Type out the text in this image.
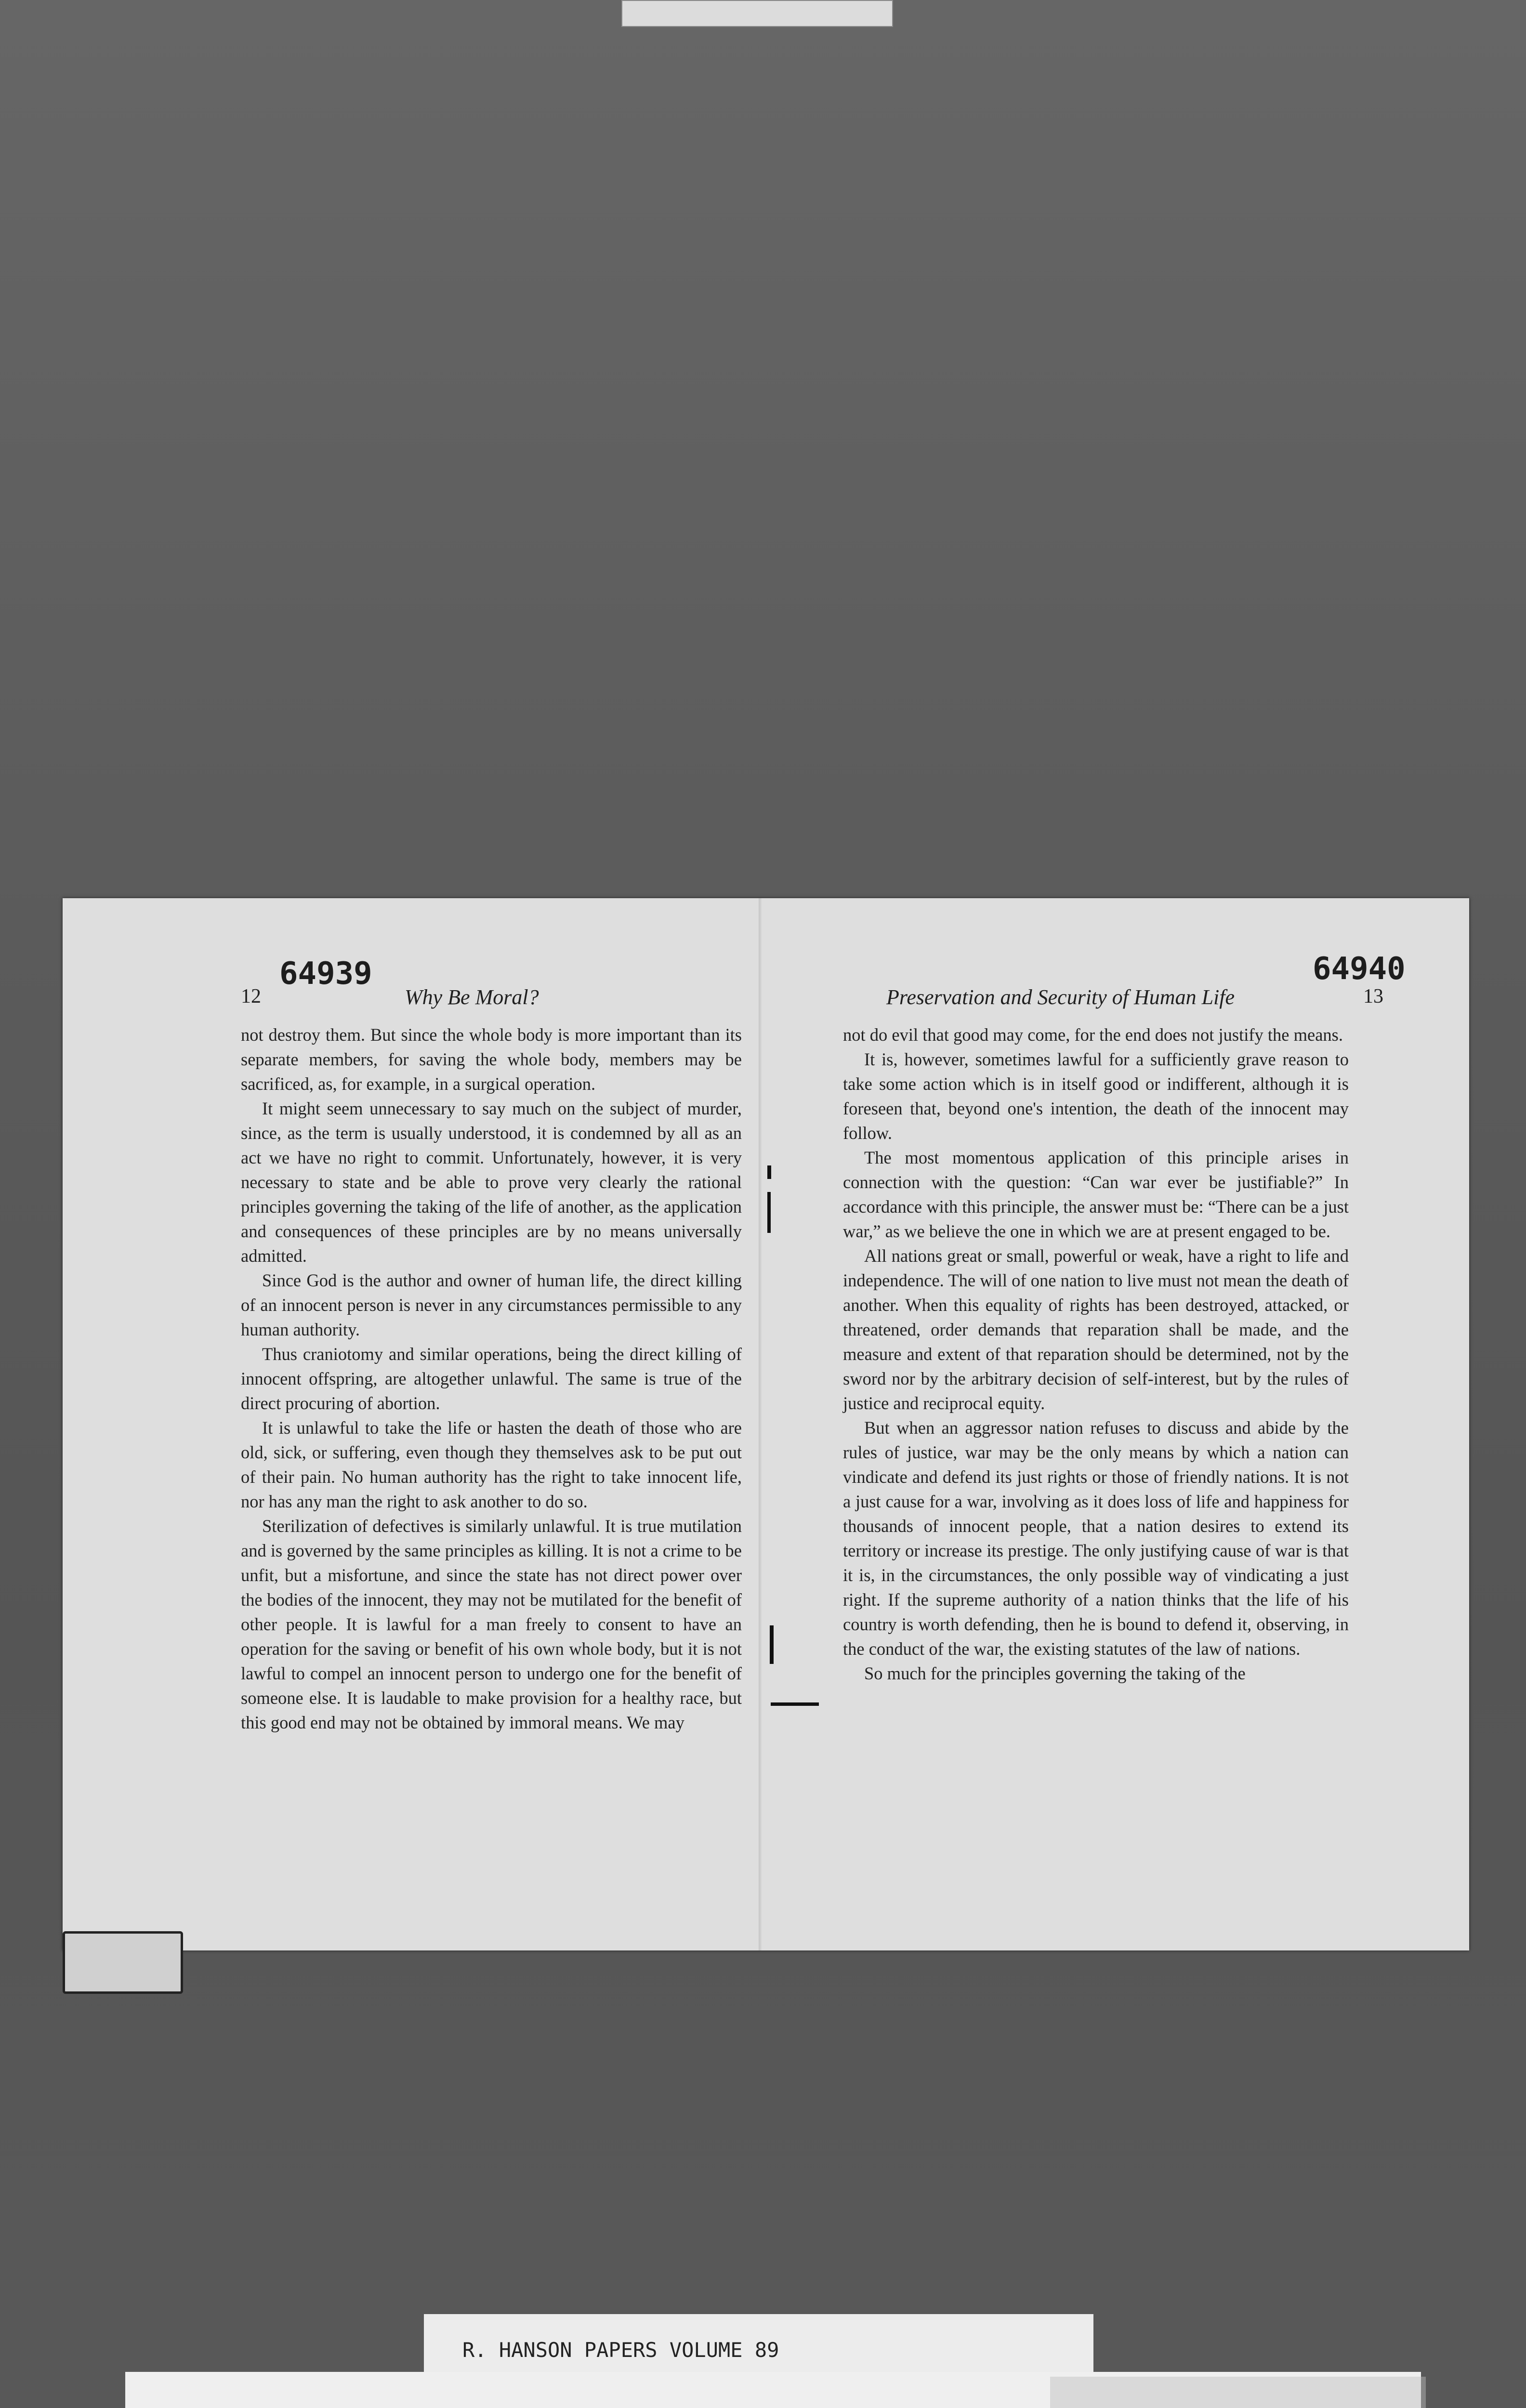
64939
12	Why Be Moral?

not destroy them. But since the whole body is more important than its separate members, for saving the whole body, members may be sacrificed, as, for example, in a surgical operation.

It might seem unnecessary to say much on the subject of murder, since, as the term is usually understood, it is condemned by all as an act we have no right to commit. Unfortunately, however, it is very necessary to state and be able to prove very clearly the rational principles governing the taking of the life of another, as the application and consequences of these principles are by no means universally admitted.

Since God is the author and owner of human life, the direct killing of an innocent person is never in any circumstances permissible to any human authority.

Thus craniotomy and similar operations, being the direct killing of innocent offspring, are altogether unlawful. The same is true of the direct procuring of abortion.

It is unlawful to take the life or hasten the death of those who are old, sick, or suffering, even though they themselves ask to be put out of their pain. No human authority has the right to take innocent life, nor has any man the right to ask another to do so.

Sterilization of defectives is similarly unlawful. It is true mutilation and is governed by the same principles as killing. It is not a crime to be unfit, but a misfortune, and since the state has not direct power over the bodies of the innocent, they may not be mutilated for the benefit of other people. It is lawful for a man freely to consent to have an operation for the saving or benefit of his own whole body, but it is not lawful to compel an innocent person to undergo one for the benefit of someone else. It is laudable to make provision for a healthy race, but this good end may not be obtained by immoral means. We may

64940
Preservation and Security of Human Life	13

not do evil that good may come, for the end does not justify the means.

It is, however, sometimes lawful for a sufficiently grave reason to take some action which is in itself good or indifferent, although it is foreseen that, beyond one's intention, the death of the innocent may follow.

The most momentous application of this principle arises in connection with the question: “Can war ever be justifiable?” In accordance with this principle, the answer must be: “There can be a just war,” as we believe the one in which we are at present engaged to be.

All nations great or small, powerful or weak, have a right to life and independence. The will of one nation to live must not mean the death of another. When this equality of rights has been destroyed, attacked, or threatened, order demands that reparation shall be made, and the measure and extent of that reparation should be determined, not by the sword nor by the arbitrary decision of self-interest, but by the rules of justice and reciprocal equity.

But when an aggressor nation refuses to discuss and abide by the rules of justice, war may be the only means by which a nation can vindicate and defend its just rights or those of friendly nations. It is not a just cause for a war, involving as it does loss of life and happiness for thousands of innocent people, that a nation desires to extend its territory or increase its prestige. The only justifying cause of war is that it is, in the circumstances, the only possible way of vindicating a just right. If the supreme authority of a nation thinks that the life of his country is worth defending, then he is bound to defend it, observing, in the conduct of the war, the existing statutes of the law of nations.

So much for the principles governing the taking of the

R. HANSON PAPERS VOLUME 89
